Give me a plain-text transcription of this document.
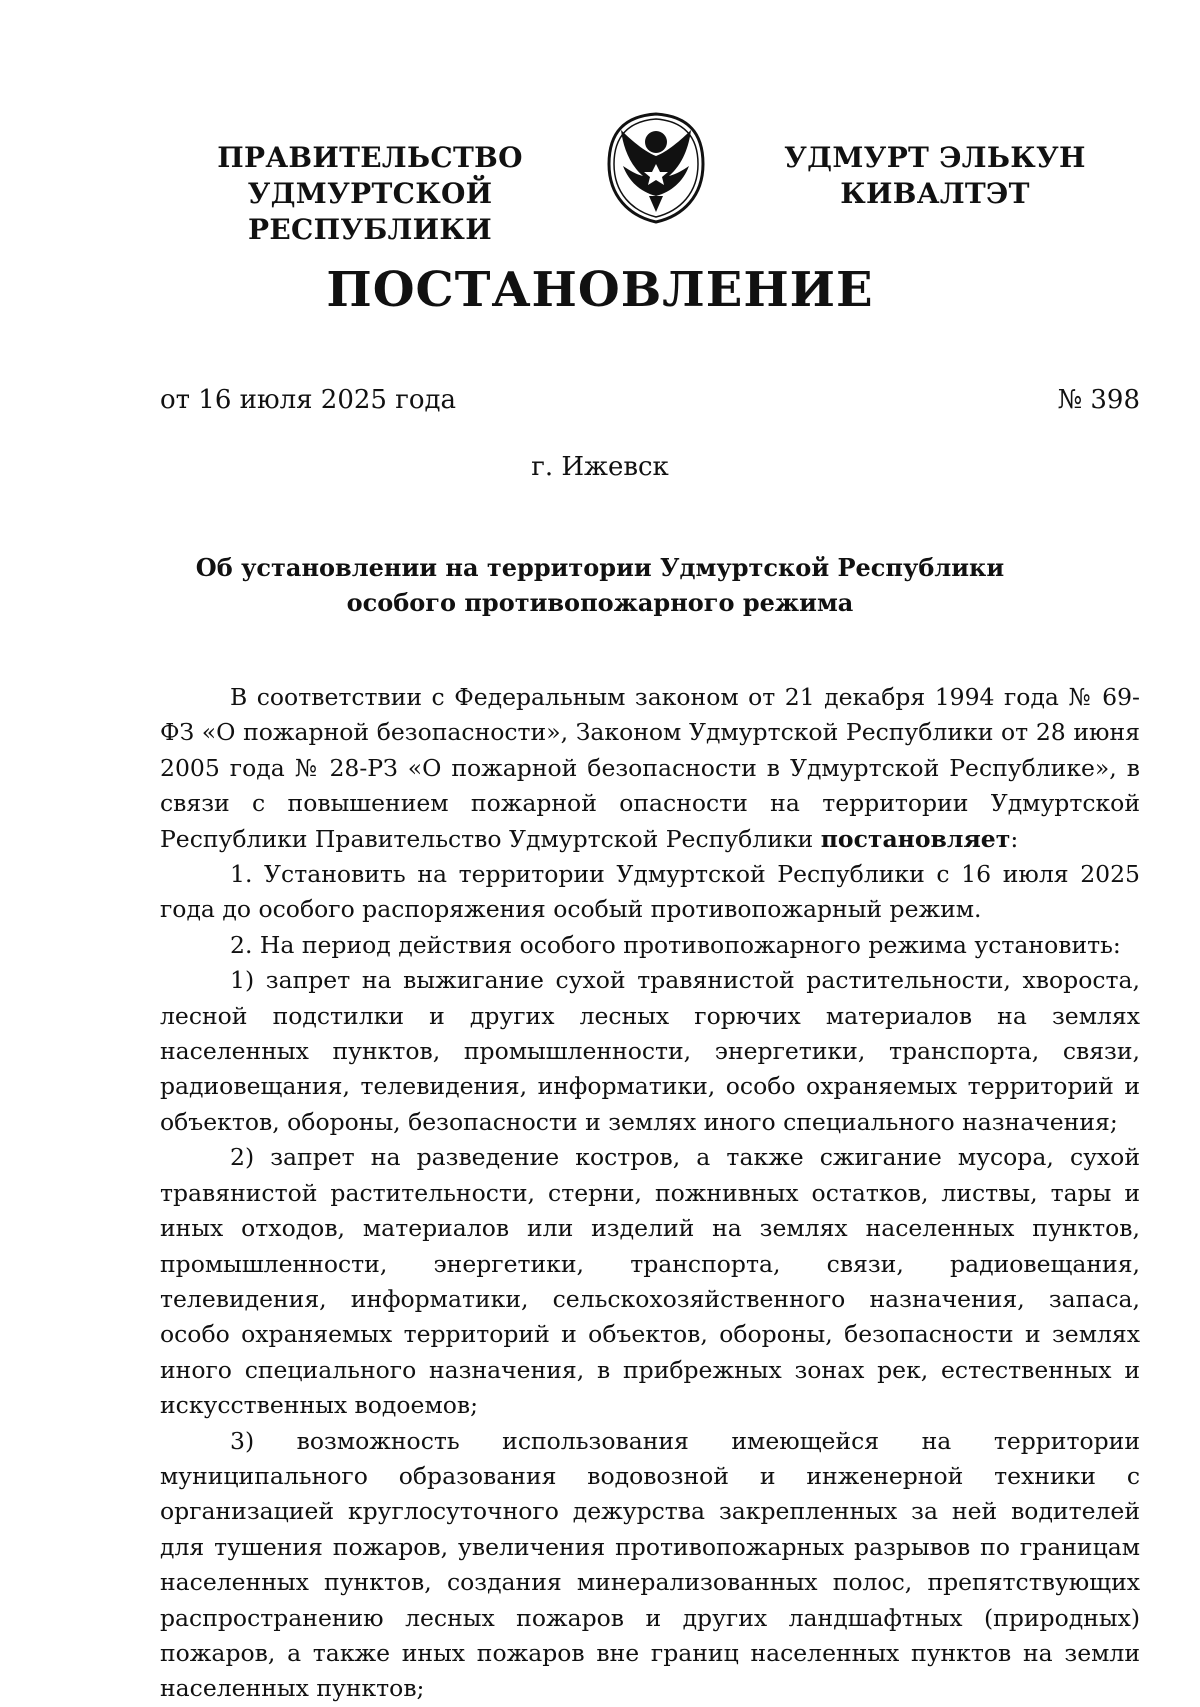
ПРАВИТЕЛЬСТВО
УДМУРТСКОЙ РЕСПУБЛИКИ
УДМУРТ ЭЛЬКУН
КИВАЛТЭТ
ПОСТАНОВЛЕНИЕ
от 16 июля 2025 года	№ 398
г. Ижевск
Об установлении на территории Удмуртской Республики
особого противопожарного режима

В соответствии с Федеральным законом от 21 декабря 1994 года № 69-ФЗ «О пожарной безопасности», Законом Удмуртской Республики от 28 июня 2005 года № 28-РЗ «О пожарной безопасности в Удмуртской Республике», в связи с повышением пожарной опасности на территории Удмуртской Республики Правительство Удмуртской Республики постановляет:

1. Установить на территории Удмуртской Республики с 16 июля 2025 года до особого распоряжения особый противопожарный режим.

2. На период действия особого противопожарного режима установить:

1) запрет на выжигание сухой травянистой растительности, хвороста, лесной подстилки и других лесных горючих материалов на землях населенных пунктов, промышленности, энергетики, транспорта, связи, радиовещания, телевидения, информатики, особо охраняемых территорий и объектов, обороны, безопасности и землях иного специального назначения;

2) запрет на разведение костров, а также сжигание мусора, сухой травянистой растительности, стерни, пожнивных остатков, листвы, тары и иных отходов, материалов или изделий на землях населенных пунктов, промышленности, энергетики, транспорта, связи, радиовещания, телевидения, информатики, сельскохозяйственного назначения, запаса, особо охраняемых территорий и объектов, обороны, безопасности и землях иного специального назначения, в прибрежных зонах рек, естественных и искусственных водоемов;

3) возможность использования имеющейся на территории муниципального образования водовозной и инженерной техники с организацией круглосуточного дежурства закрепленных за ней водителей для тушения пожаров, увеличения противопожарных разрывов по границам населенных пунктов, создания минерализованных полос, препятствующих распространению лесных пожаров и других ландшафтных (природных) пожаров, а также иных пожаров вне границ населенных пунктов на земли населенных пунктов;
